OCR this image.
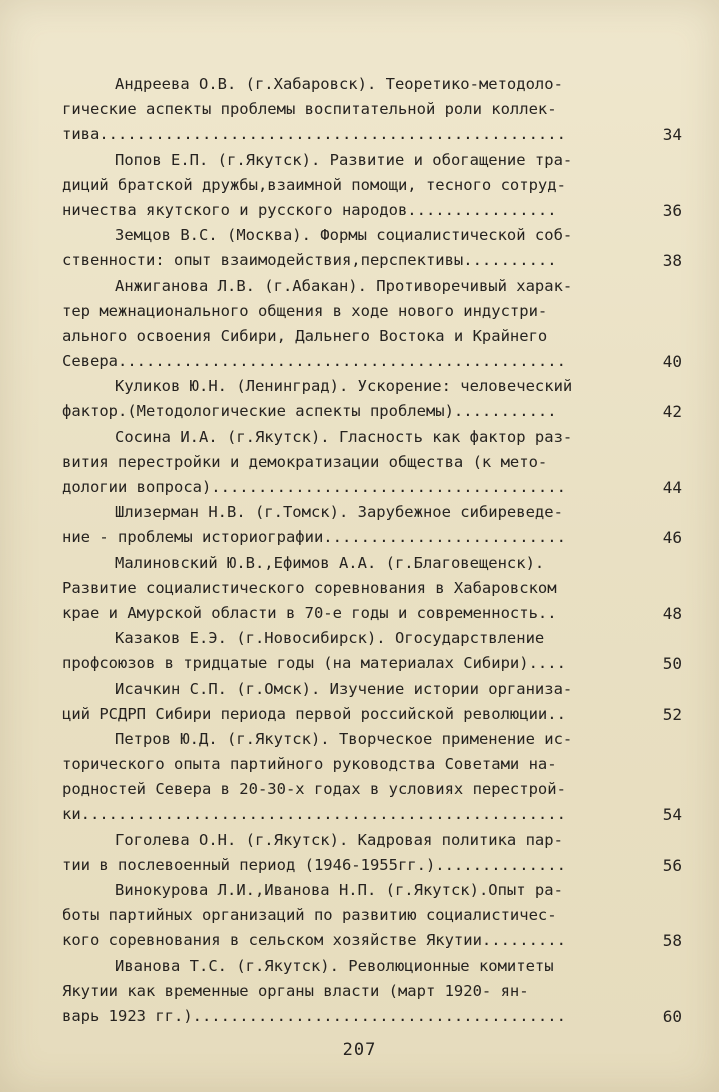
Андреева О.В. (г.Хабаровск). Теоретико-методоло-
гические аспекты проблемы воспитательной роли коллек-
тива..................................................	34
Попов Е.П. (г.Якутск). Развитие и обогащение тра-
диций братской дружбы,взаимной помощи, тесного сотруд-
ничества якутского и русского народов................	36
Земцов В.С. (Москва). Формы социалистической соб-
ственности: опыт взаимодействия,перспективы..........	38
Анжиганова Л.В. (г.Абакан). Противоречивый харак-
тер межнационального общения в ходе нового индустри-
ального освоения Сибири, Дальнего Востока и Крайнего
Севера................................................	40
Куликов Ю.Н. (Ленинград). Ускорение: человеческий
фактор.(Методологические аспекты проблемы)...........	42
Сосина И.А. (г.Якутск). Гласность как фактор раз-
вития перестройки и демократизации общества (к мето-
дологии вопроса)......................................	44
Шлизерман Н.В. (г.Томск). Зарубежное сибиреведе-
ние - проблемы историографии..........................	46
Малиновский Ю.В.,Ефимов А.А. (г.Благовещенск).
Развитие социалистического соревнования в Хабаровском
крае и Амурской области в 70-е годы и современность..	48
Казаков Е.Э. (г.Новосибирск). Огосударствление
профсоюзов в тридцатые годы (на материалах Сибири)....	50
Исачкин С.П. (г.Омск). Изучение истории организа-
ций РСДРП Сибири периода первой российской революции..	52
Петров Ю.Д. (г.Якутск). Творческое применение ис-
торического опыта партийного руководства Советами на-
родностей Севера в 20-30-х годах в условиях перестрой-
ки....................................................	54
Гоголева О.Н. (г.Якутск). Кадровая политика пар-
тии в послевоенный период (1946-1955гг.)..............	56
Винокурова Л.И.,Иванова Н.П. (г.Якутск).Опыт ра-
боты партийных организаций по развитию социалистичес-
кого соревнования в сельском хозяйстве Якутии.........	58
Иванова Т.С. (г.Якутск). Революционные комитеты
Якутии как временные органы власти (март 1920- ян-
варь 1923 гг.)........................................	60
207
